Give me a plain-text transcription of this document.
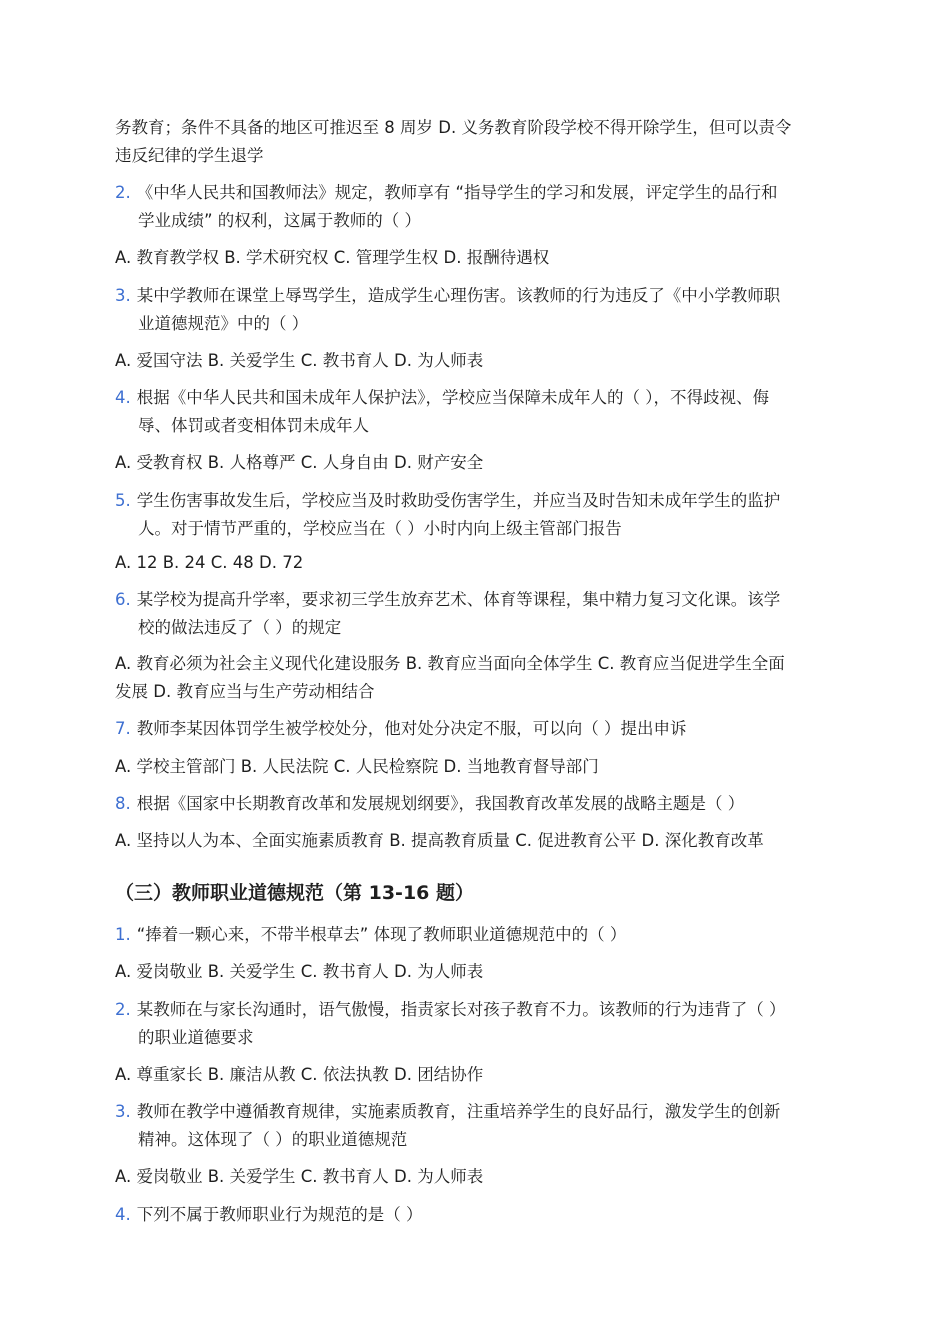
务教育；条件不具备的地区可推迟至 8 周岁 D. 义务教育阶段学校不得开除学生，但可以责令

违反纪律的学生退学

2. 《中华人民共和国教师法》规定，教师享有 “指导学生的学习和发展，评定学生的品行和

学业成绩” 的权利，这属于教师的（ ）

A. 教育教学权 B. 学术研究权 C. 管理学生权 D. 报酬待遇权

3. 某中学教师在课堂上辱骂学生，造成学生心理伤害。该教师的行为违反了《中小学教师职

业道德规范》中的（ ）

A. 爱国守法 B. 关爱学生 C. 教书育人 D. 为人师表

4. 根据《中华人民共和国未成年人保护法》，学校应当保障未成年人的（ ），不得歧视、侮

辱、体罚或者变相体罚未成年人

A. 受教育权 B. 人格尊严 C. 人身自由 D. 财产安全

5. 学生伤害事故发生后，学校应当及时救助受伤害学生，并应当及时告知未成年学生的监护

人。对于情节严重的，学校应当在（ ）小时内向上级主管部门报告

A. 12 B. 24 C. 48 D. 72

6. 某学校为提高升学率，要求初三学生放弃艺术、体育等课程，集中精力复习文化课。该学

校的做法违反了（ ）的规定

A. 教育必须为社会主义现代化建设服务 B. 教育应当面向全体学生 C. 教育应当促进学生全面

发展 D. 教育应当与生产劳动相结合

7. 教师李某因体罚学生被学校处分，他对处分决定不服，可以向（ ）提出申诉

A. 学校主管部门 B. 人民法院 C. 人民检察院 D. 当地教育督导部门

8. 根据《国家中长期教育改革和发展规划纲要》，我国教育改革发展的战略主题是（ ）

A. 坚持以人为本、全面实施素质教育 B. 提高教育质量 C. 促进教育公平 D. 深化教育改革

（三）教师职业道德规范（第 13-16 题）

1. “捧着一颗心来，不带半根草去” 体现了教师职业道德规范中的（ ）

A. 爱岗敬业 B. 关爱学生 C. 教书育人 D. 为人师表

2. 某教师在与家长沟通时，语气傲慢，指责家长对孩子教育不力。该教师的行为违背了（ ）

的职业道德要求

A. 尊重家长 B. 廉洁从教 C. 依法执教 D. 团结协作

3. 教师在教学中遵循教育规律，实施素质教育，注重培养学生的良好品行，激发学生的创新

精神。这体现了（ ）的职业道德规范

A. 爱岗敬业 B. 关爱学生 C. 教书育人 D. 为人师表

4. 下列不属于教师职业行为规范的是（ ）
